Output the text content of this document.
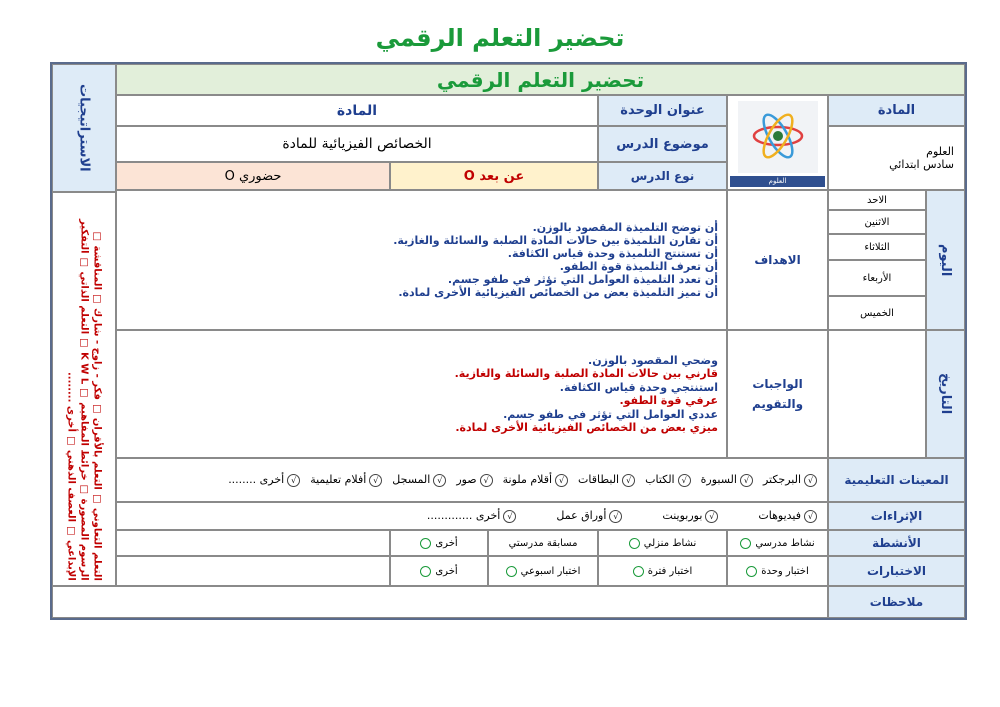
تحضير التعلم الرقمي
الاستراتيجيات
التعلم التعاوني □ التعلم بالأقران □ فكر - زاوج - شارك □ المناقشة □ الرسوم المصورة □ خرائط المفاهيم □ K W L □ التعلم الذاتي □ التفكير الإبداعي □ العصف الذهني □ أخرى ........
تحضير التعلم الرقمي
المادة
العلوم
سادس ابتدائي
العلوم
عنوان الوحدة
موضوع الدرس
نوع الدرس
المادة
الخصائص الفيزيائية للمادة
عن بعد O
حضوري O
اليوم
الاحد
الاثنين
الثلاثاء
الأربعاء
الخميس
الاهداف
أن توضح التلميذة المقصود بالوزن.
أن تقارن التلميذة بين حالات المادة الصلبة والسائلة والغازية.
أن تستنتج التلميذة وحدة قياس الكثافة.
أن تعرف التلميذة قوة الطفو.
أن تعدد التلميذة العوامل التي تؤثر في طفو جسم.
أن تميز التلميذة بعض من الخصائص الفيزيائية الأخرى لمادة.
التاريخ
الواجبات
والتقويم
وضحي المقصود بالوزن.
قارني بين حالات المادة الصلبة والسائلة والغازية.
استنتجي وحدة قياس الكثافة.
عرفي قوة الطفو.
عددي العوامل التي تؤثر في طفو جسم.
ميزي بعض من الخصائص الفيزيائية الأخرى لمادة.
المعينات التعليمية
√البرجكتر
√السبورة
√الكتاب
√البطاقات
√أقلام ملونة
√صور
√المسجل
√أفلام تعليمية
√أخرى ........
الإثراءات
√فيديوهات
√بوربوينت
√أوراق عمل
√أخرى .............
الأنشطة
نشاط مدرسي
نشاط منزلي
مسابقة مدرستي
أخرى
الاختبارات
اختبار وحدة
اختبار فترة
اختبار اسبوعي
أخرى
ملاحظات
